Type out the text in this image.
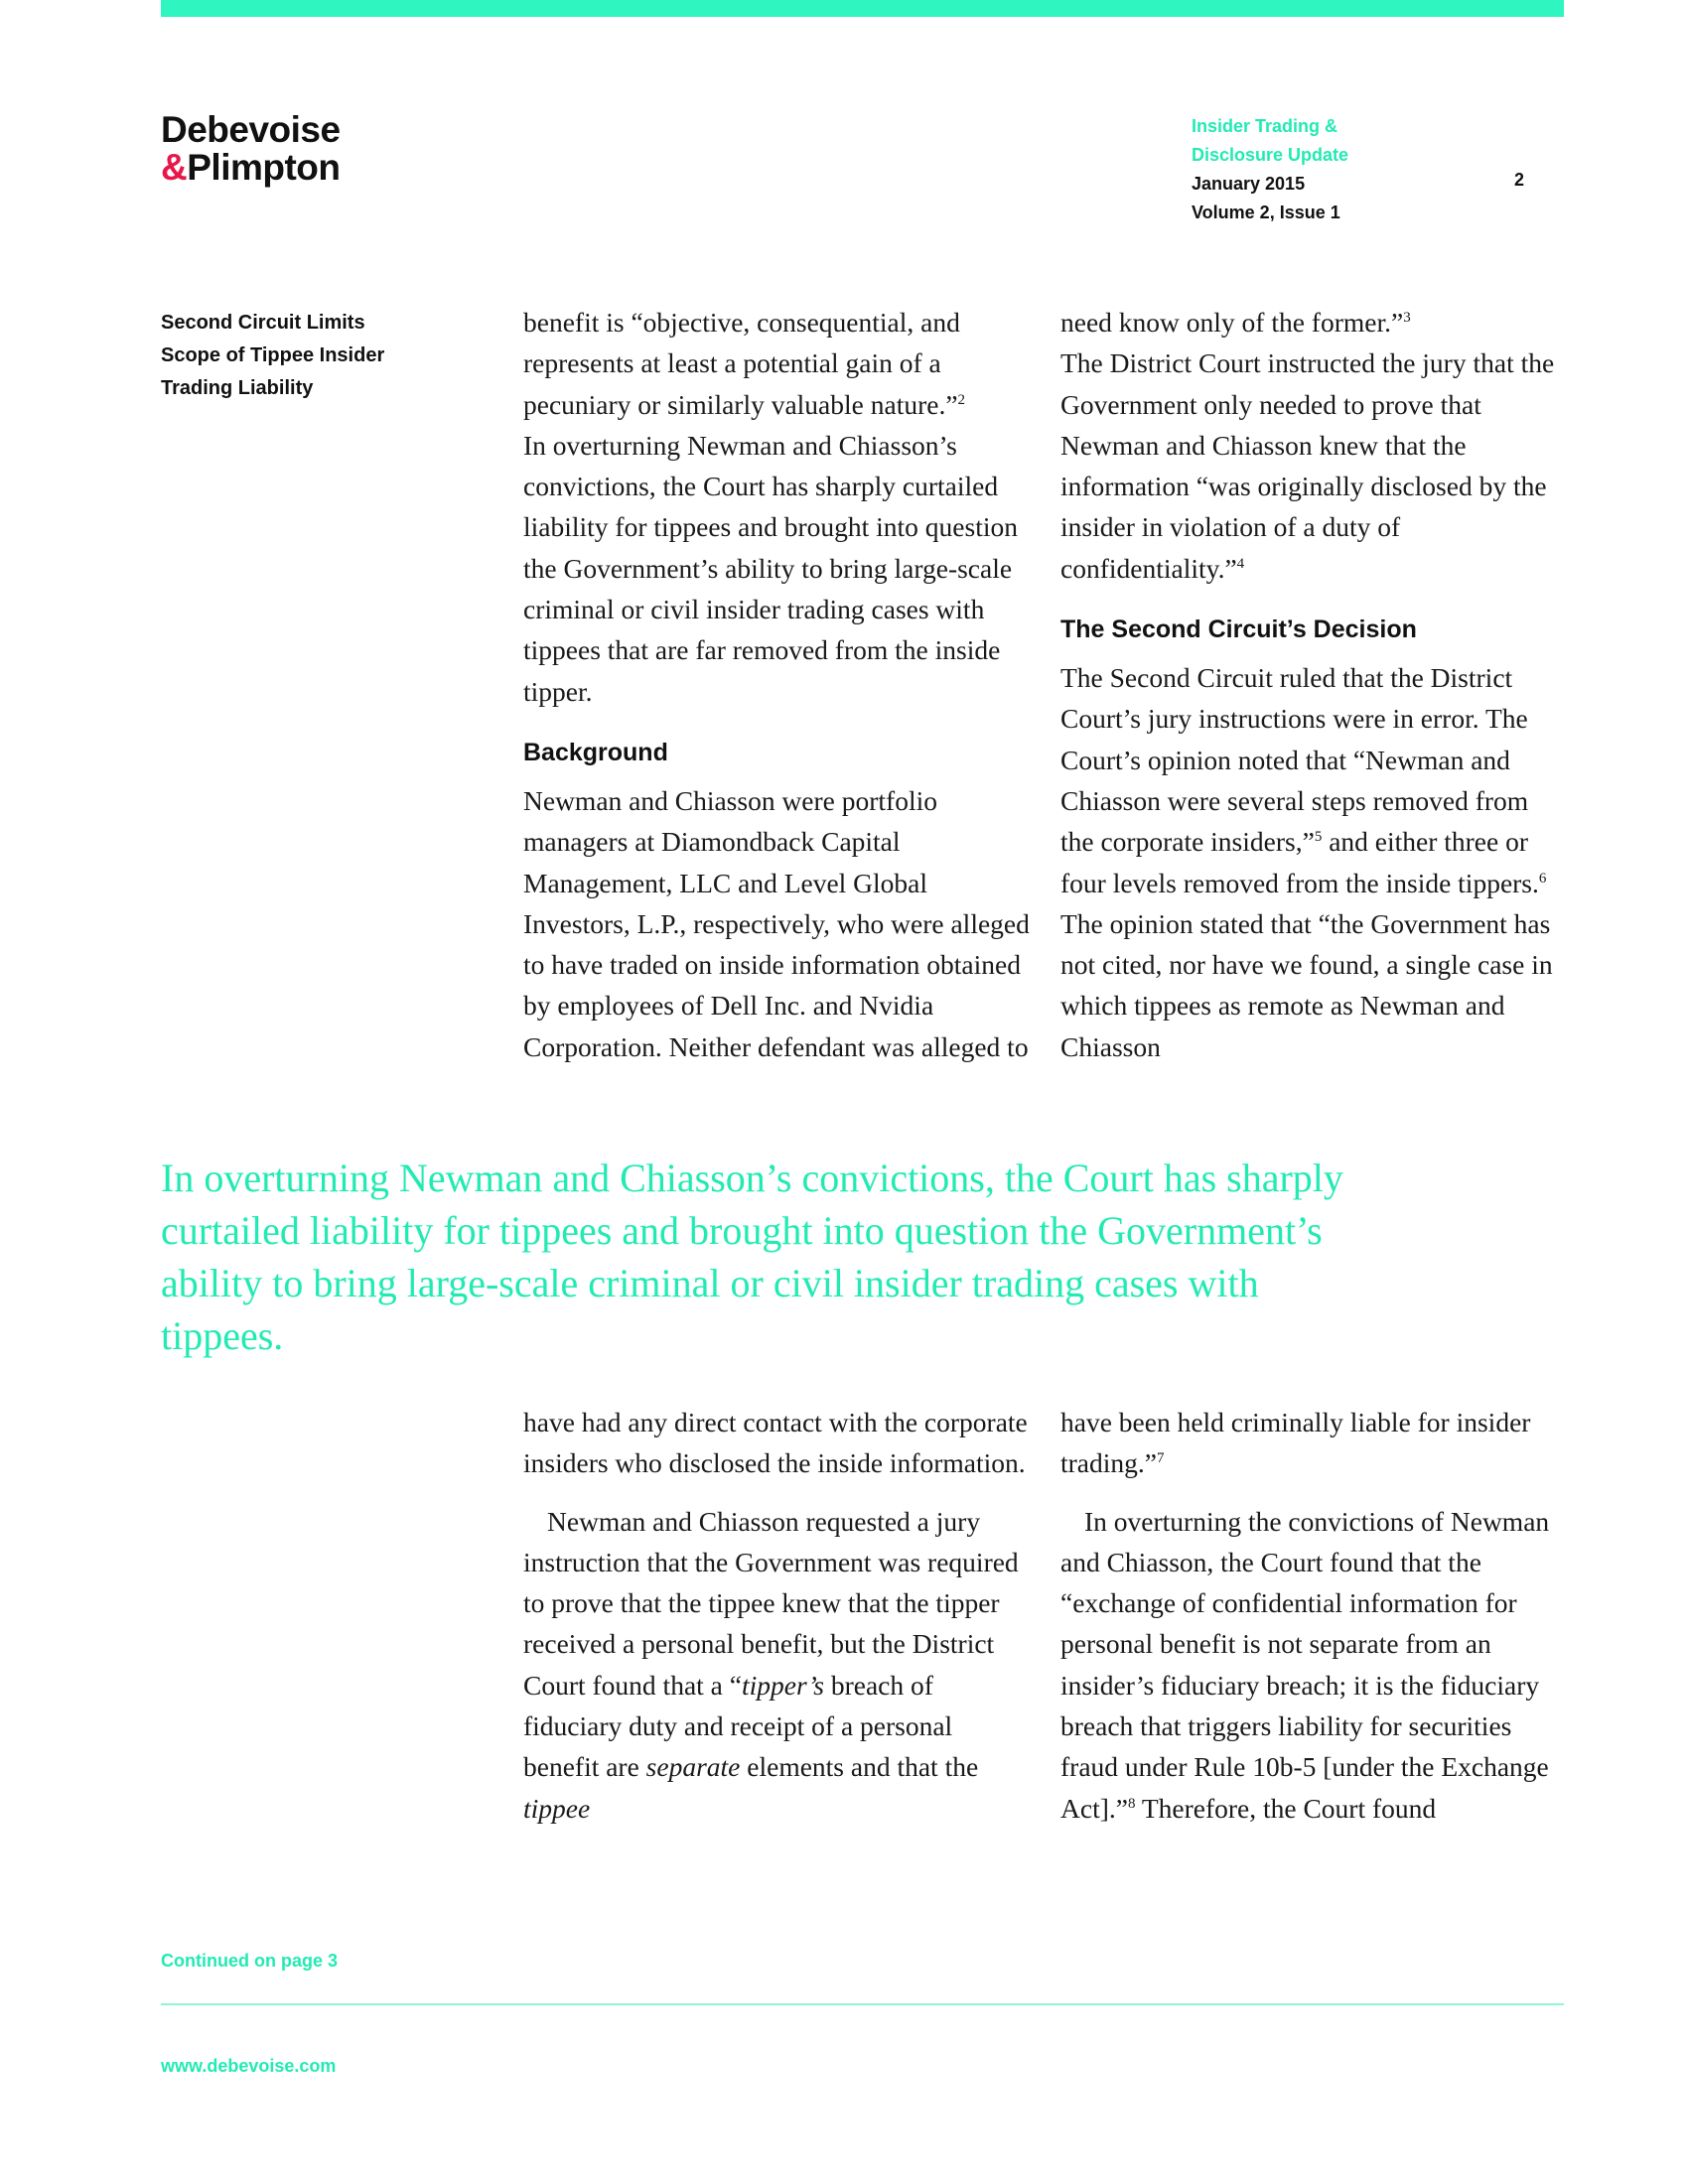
Debevoise
&Plimpton
Insider Trading &
Disclosure Update
January 2015
Volume 2, Issue 1
2
Second Circuit Limits
Scope of Tippee Insider
Trading Liability

benefit is “objective, consequential, and represents at least a potential gain of a pecuniary or similarly valuable nature.”$^2$

In overturning Newman and Chiasson’s convictions, the Court has sharply curtailed liability for tippees and brought into question the Government’s ability to bring large-scale criminal or civil insider trading cases with tippees that are far removed from the inside tipper.

Background

Newman and Chiasson were portfolio managers at Diamondback Capital Management, LLC and Level Global Investors, L.P., respectively, who were alleged to have traded on inside information obtained by employees of Dell Inc. and Nvidia Corporation. Neither defendant was alleged to

need know only of the former.”$^3$

The District Court instructed the jury that the Government only needed to prove that Newman and Chiasson knew that the information “was originally disclosed by the insider in violation of a duty of confidentiality.”$^4$

The Second Circuit’s Decision

The Second Circuit ruled that the District Court’s jury instructions were in error. The Court’s opinion noted that “Newman and Chiasson were several steps removed from the corporate insiders,”$^5$ and either three or four levels removed from the inside tippers.$^6$ The opinion stated that “the Government has not cited, nor have we found, a single case in which tippees as remote as Newman and Chiasson

In overturning Newman and Chiasson’s convictions, the Court has sharply curtailed liability for tippees and brought into question the Government’s ability to bring large-scale criminal or civil insider trading cases with tippees.

have had any direct contact with the corporate insiders who disclosed the inside information.

Newman and Chiasson requested a jury instruction that the Government was required to prove that the tippee knew that the tipper received a personal benefit, but the District Court found that a “tipper’s breach of fiduciary duty and receipt of a personal benefit are separate elements and that the tippee

have been held criminally liable for insider trading.”$^7$

In overturning the convictions of Newman and Chiasson, the Court found that the “exchange of confidential information for personal benefit is not separate from an insider’s fiduciary breach; it is the fiduciary breach that triggers liability for securities fraud under Rule 10b-5 [under the Exchange Act].”$^8$ Therefore, the Court found

Continued on page 3
www.debevoise.com
